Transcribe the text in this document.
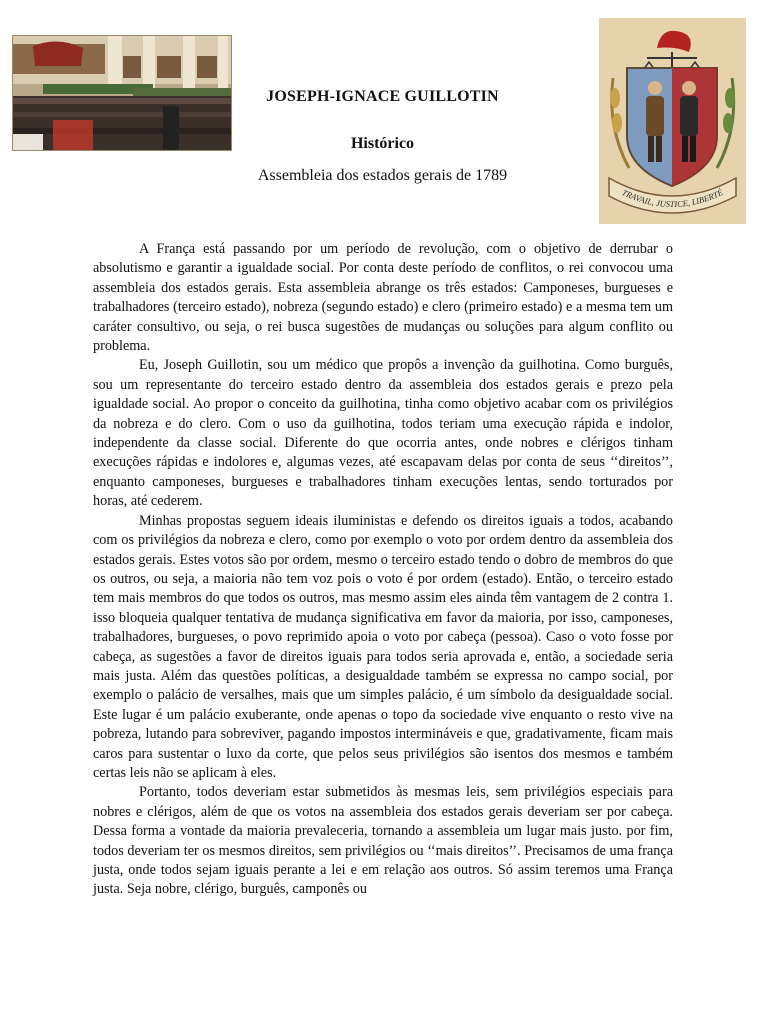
JOSEPH-IGNACE GUILLOTIN
Histórico
Assembleia dos estados gerais de 1789
TRAVAIL, JUSTICE, LIBERTÉ

A França está passando por um período de revolução, com o objetivo de derrubar o absolutismo e garantir a igualdade social. Por conta deste período de conflitos, o rei convocou uma assembleia dos estados gerais. Esta assembleia abrange os três estados: Camponeses, burgueses e trabalhadores (terceiro estado), nobreza (segundo estado) e clero (primeiro estado) e a mesma tem um caráter consultivo, ou seja, o rei busca sugestões de mudanças ou soluções para algum conflito ou problema.

Eu, Joseph Guillotin, sou um médico que propôs a invenção da guilhotina. Como burguês, sou um representante do terceiro estado dentro da assembleia dos estados gerais e prezo pela igualdade social. Ao propor o conceito da guilhotina, tinha como objetivo acabar com os privilégios da nobreza e do clero. Com o uso da guilhotina, todos teriam uma execução rápida e indolor, independente da classe social. Diferente do que ocorria antes, onde nobres e clérigos tinham execuções rápidas e indolores e, algumas vezes, até escapavam delas por conta de seus ‘‘direitos’’, enquanto camponeses, burgueses e trabalhadores tinham execuções lentas, sendo torturados por horas, até cederem.

Minhas propostas seguem ideais iluministas e defendo os direitos iguais a todos, acabando com os privilégios da nobreza e clero, como por exemplo o voto por ordem dentro da assembleia dos estados gerais. Estes votos são por ordem, mesmo o terceiro estado tendo o dobro de membros do que os outros, ou seja, a maioria não tem voz pois o voto é por ordem (estado). Então, o terceiro estado tem mais membros do que todos os outros, mas mesmo assim eles ainda têm vantagem de 2 contra 1. isso bloqueia qualquer tentativa de mudança significativa em favor da maioria, por isso, camponeses, trabalhadores, burgueses, o povo reprimido apoia o voto por cabeça (pessoa). Caso o voto fosse por cabeça, as sugestões a favor de direitos iguais para todos seria aprovada e, então, a sociedade seria mais justa. Além das questões políticas, a desigualdade também se expressa no campo social, por exemplo o palácio de versalhes, mais que um simples palácio, é um símbolo da desigualdade social. Este lugar é um palácio exuberante, onde apenas o topo da sociedade vive enquanto o resto vive na pobreza, lutando para sobreviver, pagando impostos intermináveis e que, gradativamente, ficam mais caros para sustentar o luxo da corte, que pelos seus privilégios são isentos dos mesmos e também certas leis não se aplicam à eles.

Portanto, todos deveriam estar submetidos às mesmas leis, sem privilégios especiais para nobres e clérigos, além de que os votos na assembleia dos estados gerais deveriam ser por cabeça. Dessa forma a vontade da maioria prevaleceria, tornando a assembleia um lugar mais justo. por fim, todos deveriam ter os mesmos direitos, sem privilégios ou ‘‘mais direitos’’. Precisamos de uma frança justa, onde todos sejam iguais perante a lei e em relação aos outros. Só assim teremos uma França justa. Seja nobre, clérigo, burguês, camponês ou
